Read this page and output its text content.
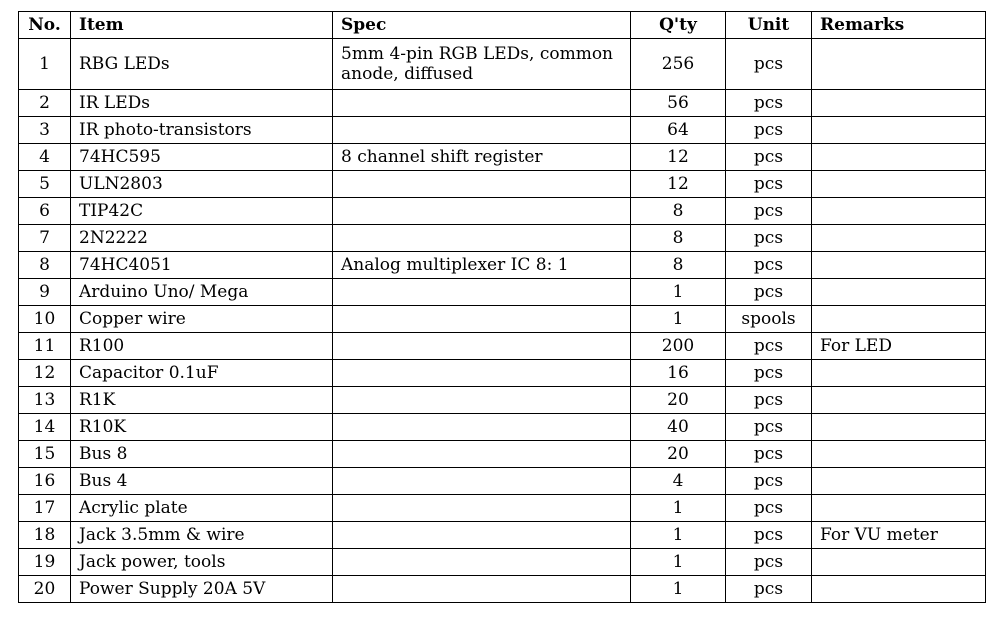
No.	Item	Spec	Q'ty	Unit	Remarks
1	RBG LEDs	5mm 4-pin RGB LEDs, common anode, diffused	256	pcs	
2	IR LEDs		56	pcs	
3	IR photo-transistors		64	pcs	
4	74HC595	8 channel shift register	12	pcs	
5	ULN2803		12	pcs	
6	TIP42C		8	pcs	
7	2N2222		8	pcs	
8	74HC4051	Analog multiplexer IC 8: 1	8	pcs	
9	Arduino Uno/ Mega		1	pcs	
10	Copper wire		1	spools	
11	R100		200	pcs	For LED
12	Capacitor 0.1uF		16	pcs	
13	R1K		20	pcs	
14	R10K		40	pcs	
15	Bus 8		20	pcs	
16	Bus 4		4	pcs	
17	Acrylic plate		1	pcs	
18	Jack 3.5mm & wire		1	pcs	For VU meter
19	Jack power, tools		1	pcs	
20	Power Supply 20A 5V		1	pcs	
